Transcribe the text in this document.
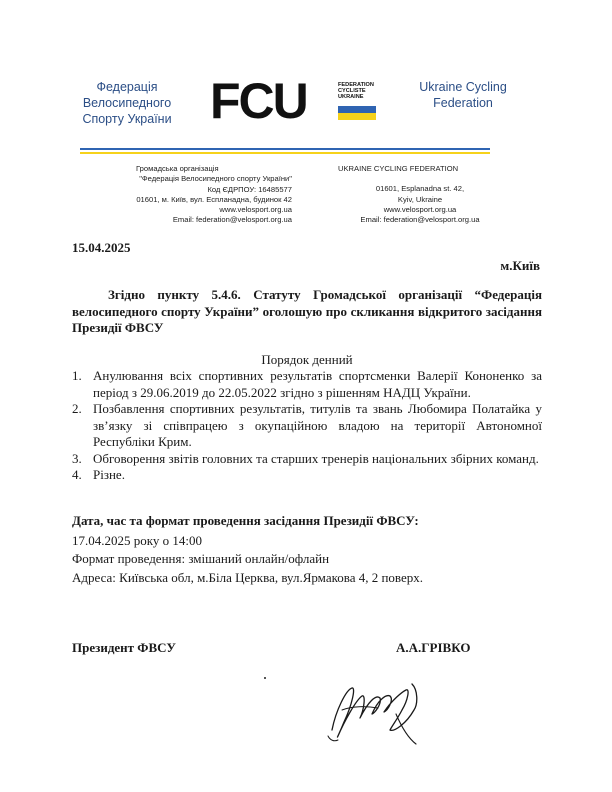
Федерація
Велосипедного
Спорту України FCU	FEDERATION
CYCLISTE
UKRAINE
Ukraine Cycling
Federation
Громадська організація
"Федерація Велосипедного спорту України"
Код ЄДРПОУ: 16485577
01601, м. Київ, вул. Еспланадна, будинок 42
www.velosport.org.ua
Email: federation@velosport.org.ua
UKRAINE CYCLING FEDERATION
01601, Esplanadna st. 42,
Kyiv, Ukraine
www.velosport.org.ua
Email: federation@velosport.org.ua
15.04.2025
м.Київ
Згідно пункту 5.4.6. Статуту Громадської організації “Федерація велосипедного спорту України” оголошую про скликання відкритого засідання Президії ФВСУ
Порядок денний
1. Анулювання всіх спортивних результатів спортсменки Валерії Кононенко за період з 29.06.2019 до 22.05.2022 згідно з рішенням НАДЦ України.
2. Позбавлення спортивних результатів, титулів та звань Любомира Полатайка у зв’язку зі співпрацею з окупаційною владою на території Автономної Республіки Крим.
3. Обговорення звітів головних та старших тренерів національних збірних команд.
4. Різне.
Дата, час та формат проведення засідання Президії ФВСУ:
17.04.2025 року о 14:00
Формат проведення: змішаний онлайн/офлайн
Адреса: Київська обл, м.Біла Церква, вул.Ярмакова 4, 2 поверх.
Президент ФВСУ	А.А.ГРІВКО
